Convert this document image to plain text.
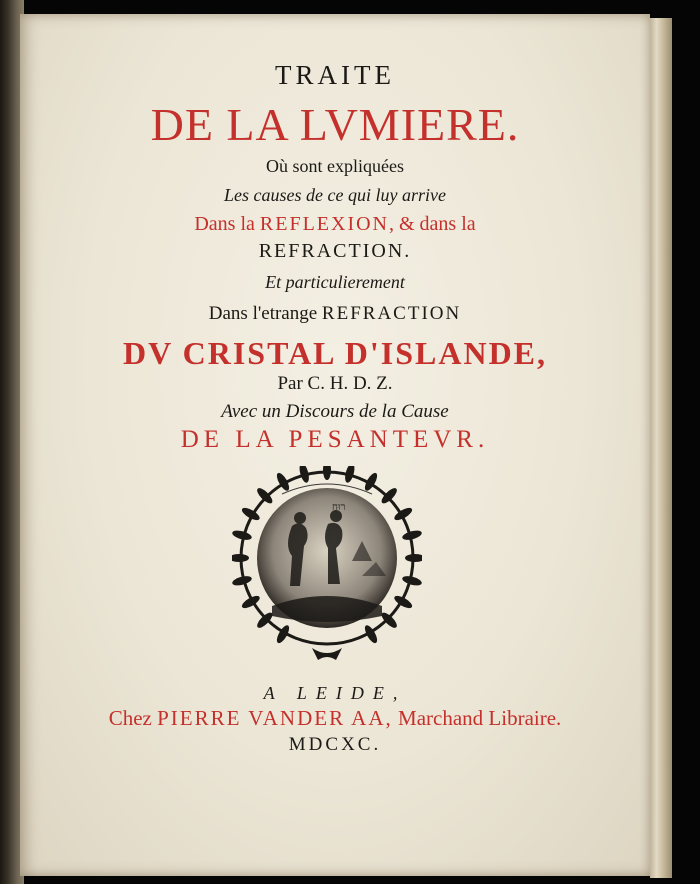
TRAITE
DE LA LVMIERE.
Où sont expliquées
Les causes de ce qui luy arrive
Dans la REFLEXION, & dans la
REFRACTION.
Et particulierement
Dans l'etrange REFRACTION
DV CRISTAL D'ISLANDE,
Par C. H. D. Z.
Avec un Discours de la Cause
DE LA PESANTEVR.
A LEIDE,
Chez PIERRE VANDER AA, Marchand Libraire.
MDCXC.
רוּחַ
